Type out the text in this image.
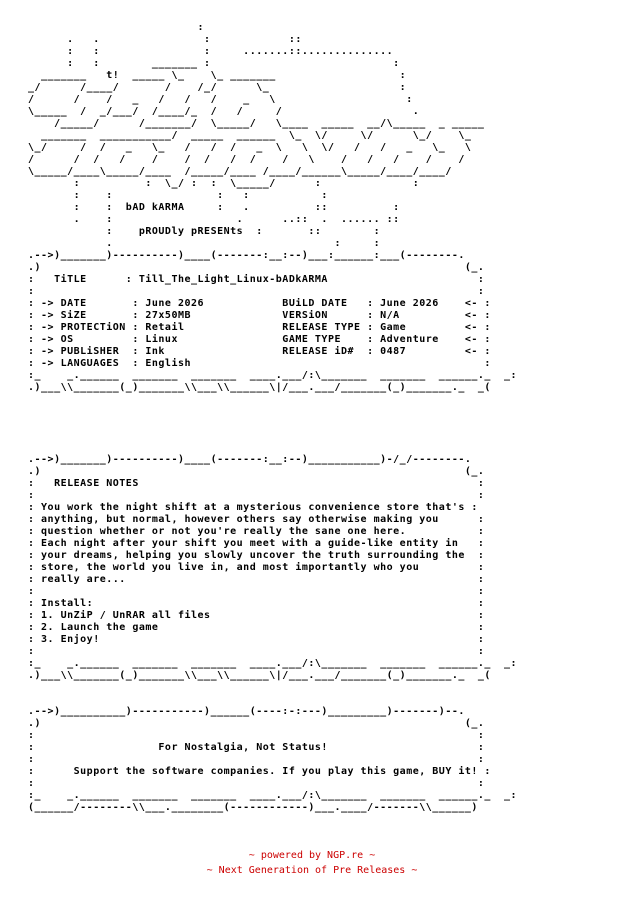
:
.   .                :            ::
:   :                :     .......::..............
:   :        _______ :                            :
_______   t!  _____ \_    \_ _______                   :
_/      /____/       /    /_/      \_                    :
/      /    /   _   /   /   /    _   \                    :
\_____  /  _/___/  /____/_  /   /     /                    .
/_____/      /_______/  \_____/   \____  _____  __/\_____  _ _____
_______  ___________/  _____  ______  \_  \/     \/      \_/    \_
\_/     /  /   _   \_   /   /  /   _  \   \  \/   /   /   _   \_   \
/      /  /   /    /    /  /   /  /    /   \    /   /   /    /    /
\_____/____\_____/____  /_____/____ /____/______\_____/____/____/
:          :  \_/ :  :  \_____/      :              :
:    :                :   :           :
:    :  bAD kARMA     :   .          ::          :
.    :                   .      ..::  .  ...... ::
:    pROUDly pRESENts  :       ::        :
.                                  :     :
.-->)_______)----------)____(-------:__:--)___:______:___(--------.
.)                                                                 (_.
:   TiTLE      : Till_The_Light_Linux-bADkARMA                       :
:                                                                    :
: -> DATE       : June 2026            BUiLD DATE   : June 2026    <- :
: -> SiZE       : 27x50MB              VERSiON      : N/A          <- :
: -> PROTECTiON : Retail               RELEASE TYPE : Game         <- :
: -> OS         : Linux                GAME TYPE    : Adventure    <- :
: -> PUBLiSHER  : Ink                  RELEASE iD#  : 0487         <- :
: -> LANGUAGES  : English                                             :
:_    _.______  _______  _______  ____.___/:\_______  _______  ______._  _:
.)___\\_______(_)_______\\___\\______\|/___.___/_______(_)_______._  _(

.-->)_______)----------)____(-------:__:--)___________)-/_/--------.
.)                                                                 (_.
:   RELEASE NOTES                                                    :
:                                                                    :
: You work the night shift at a mysterious convenience store that's :
: anything, but normal, however others say otherwise making you      :
: question whether or not you're really the sane one here.           :
: Each night after your shift you meet with a guide-like entity in   :
: your dreams, helping you slowly uncover the truth surrounding the  :
: store, the world you live in, and most importantly who you         :
: really are...                                                      :
:                                                                    :
: Install:                                                           :
: 1. UnZiP / UnRAR all files                                         :
: 2. Launch the game                                                 :
: 3. Enjoy!                                                          :
:                                                                    :
:_    _.______  _______  _______  ____.___/:\_______  _______  ______._  _:
.)___\\_______(_)_______\\___\\______\|/___.___/_______(_)_______._  _(

.-->)__________)-----------)______(----:-:---)_________)-------)--.
.)                                                                 (_.
:                                                                    :
:                   For Nostalgia, Not Status!                       :
:                                                                    :
:      Support the software companies. If you play this game, BUY it! :
:                                                                    :
:_    _.______  _______  _______  ____.___/:\_______  _______  ______._  _:
(______/--------\\___.________(------------)___.____/-------\\______)
~ powered by NGP.re ~
~ Next Generation of Pre Releases ~
